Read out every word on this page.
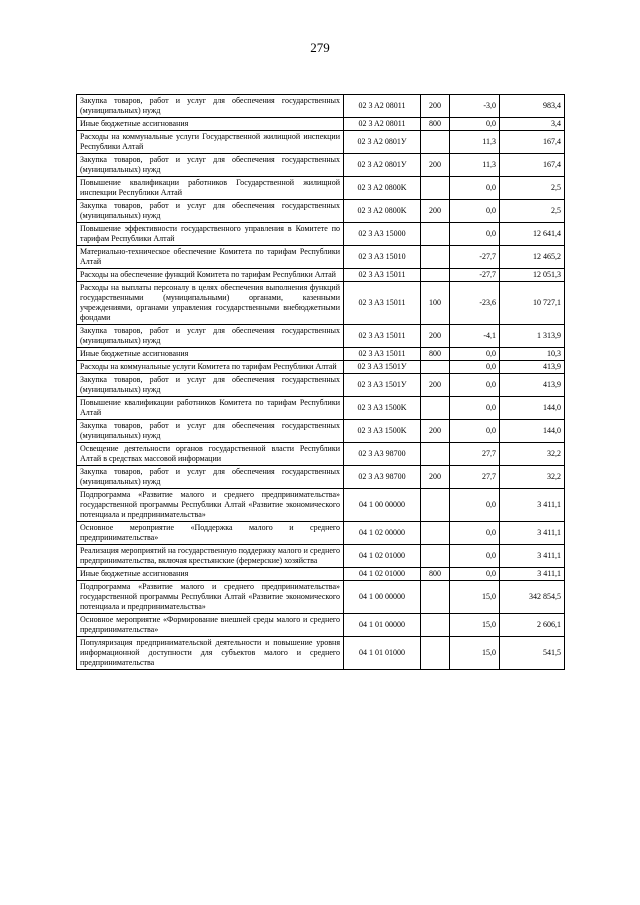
279
Закупка товаров, работ и услуг для обеспечения государственных (муниципальных) нужд	02 3 A2 08011	200	-3,0	983,4
Иные бюджетные ассигнования	02 3 A2 08011	800	0,0	3,4
Расходы на коммунальные услуги Государственной жилищной инспекции Республики Алтай	02 3 A2 0801У		11,3	167,4
Закупка товаров, работ и услуг для обеспечения государственных (муниципальных) нужд	02 3 A2 0801У	200	11,3	167,4
Повышение квалификации работников Государственной жилищной инспекции Республики Алтай	02 3 A2 0800K		0,0	2,5
Закупка товаров, работ и услуг для обеспечения государственных (муниципальных) нужд	02 3 A2 0800K	200	0,0	2,5
Повышение эффективности государственного управления в Комитете по тарифам Республики Алтай	02 3 A3 15000		0,0	12 641,4
Материально-техническое обеспечение Комитета по тарифам Республики Алтай	02 3 A3 15010		-27,7	12 465,2
Расходы на обеспечение функций Комитета по тарифам Республики Алтай	02 3 A3 15011		-27,7	12 051,3
Расходы на выплаты персоналу в целях обеспечения выполнения функций государственными (муниципальными) органами, казенными учреждениями, органами управления государственными внебюджетными фондами	02 3 A3 15011	100	-23,6	10 727,1
Закупка товаров, работ и услуг для обеспечения государственных (муниципальных) нужд	02 3 A3 15011	200	-4,1	1 313,9
Иные бюджетные ассигнования	02 3 A3 15011	800	0,0	10,3
Расходы на коммунальные услуги Комитета по тарифам Республики Алтай	02 3 A3 1501У		0,0	413,9
Закупка товаров, работ и услуг для обеспечения государственных (муниципальных) нужд	02 3 A3 1501У	200	0,0	413,9
Повышение квалификации работников Комитета по тарифам Республики Алтай	02 3 A3 1500K		0,0	144,0
Закупка товаров, работ и услуг для обеспечения государственных (муниципальных) нужд	02 3 A3 1500K	200	0,0	144,0
Освещение деятельности органов государственной власти Республики Алтай в средствах массовой информации	02 3 A3 98700		27,7	32,2
Закупка товаров, работ и услуг для обеспечения государственных (муниципальных) нужд	02 3 A3 98700	200	27,7	32,2
Подпрограмма «Развитие малого и среднего предпринимательства» государственной программы Республики Алтай «Развитие экономического потенциала и предпринимательства»	04 1 00 00000		0,0	3 411,1
Основное мероприятие «Поддержка малого и среднего предпринимательства»	04 1 02 00000		0,0	3 411,1
Реализация мероприятий на государственную поддержку малого и среднего предпринимательства, включая крестьянские (фермерские) хозяйства	04 1 02 01000		0,0	3 411,1
Иные бюджетные ассигнования	04 1 02 01000	800	0,0	3 411,1
Подпрограмма «Развитие малого и среднего предпринимательства» государственной программы Республики Алтай «Развитие экономического потенциала и предпринимательства»	04 1 00 00000		15,0	342 854,5
Основное мероприятие «Формирование внешней среды малого и среднего предпринимательства»	04 1 01 00000		15,0	2 606,1
Популяризация предпринимательской деятельности и повышение уровня информационной доступности для субъектов малого и среднего предпринимательства	04 1 01 01000		15,0	541,5
